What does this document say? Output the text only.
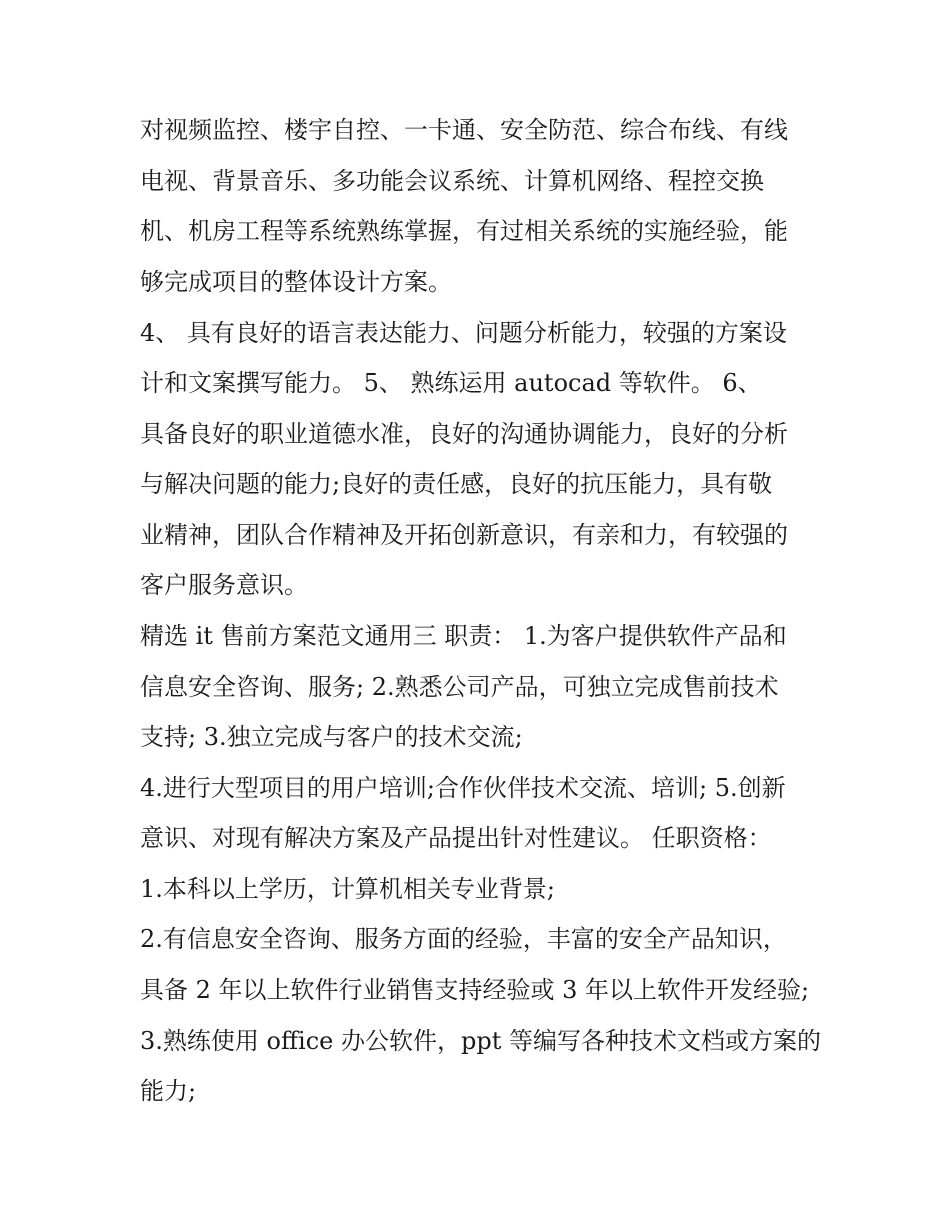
对视频监控、楼宇自控、一卡通、安全防范、综合布线、有线
电视、背景音乐、多功能会议系统、计算机网络、程控交换
机、机房工程等系统熟练掌握，有过相关系统的实施经验，能
够完成项目的整体设计方案。
4、 具有良好的语言表达能力、问题分析能力，较强的方案设
计和文案撰写能力。 5、 熟练运用 autocad 等软件。 6、
具备良好的职业道德水准，良好的沟通协调能力，良好的分析
与解决问题的能力;良好的责任感，良好的抗压能力，具有敬
业精神，团队合作精神及开拓创新意识，有亲和力，有较强的
客户服务意识。
精选 it 售前方案范文通用三 职责： 1.为客户提供软件产品和
信息安全咨询、服务; 2.熟悉公司产品，可独立完成售前技术
支持; 3.独立完成与客户的技术交流;
4.进行大型项目的用户培训;合作伙伴技术交流、培训; 5.创新
意识、对现有解决方案及产品提出针对性建议。 任职资格：
1.本科以上学历，计算机相关专业背景;
2.有信息安全咨询、服务方面的经验，丰富的安全产品知识，
具备 2 年以上软件行业销售支持经验或 3 年以上软件开发经验;
3.熟练使用 office 办公软件，ppt 等编写各种技术文档或方案的
能力;
